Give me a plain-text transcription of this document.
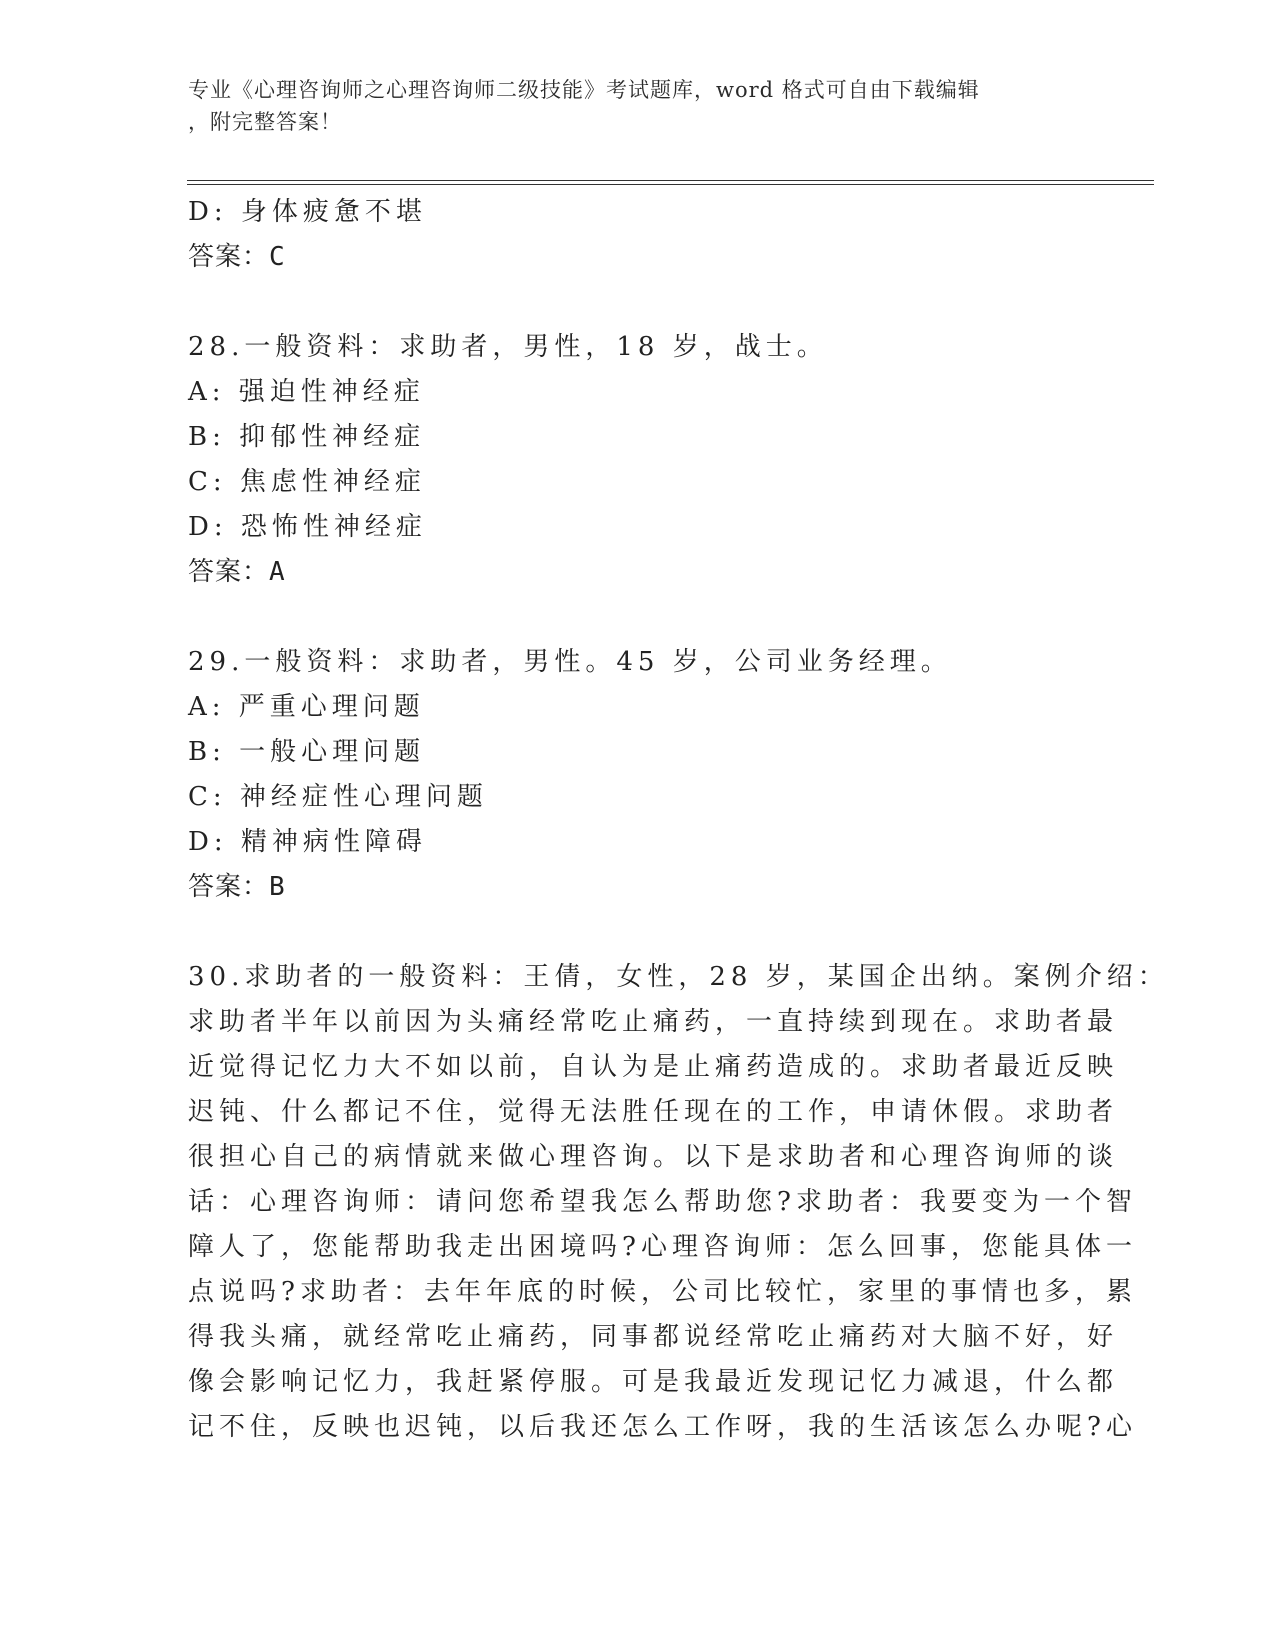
专业《心理咨询师之心理咨询师二级技能》考试题库，word 格式可自由下载编辑
，附完整答案！
D: 身体疲惫不堪
答案：C
28.一般资料：求助者，男性，18 岁，战士。
A: 强迫性神经症
B: 抑郁性神经症
C: 焦虑性神经症
D: 恐怖性神经症
答案：A
29.一般资料：求助者，男性。45 岁，公司业务经理。
A: 严重心理问题
B: 一般心理问题
C: 神经症性心理问题
D: 精神病性障碍
答案：B
30.求助者的一般资料：王倩，女性，28 岁，某国企出纳。案例介绍：
求助者半年以前因为头痛经常吃止痛药，一直持续到现在。求助者最
近觉得记忆力大不如以前，自认为是止痛药造成的。求助者最近反映
迟钝、什么都记不住，觉得无法胜任现在的工作，申请休假。求助者
很担心自己的病情就来做心理咨询。以下是求助者和心理咨询师的谈
话：心理咨询师：请问您希望我怎么帮助您?求助者：我要变为一个智
障人了，您能帮助我走出困境吗?心理咨询师：怎么回事，您能具体一
点说吗?求助者：去年年底的时候，公司比较忙，家里的事情也多，累
得我头痛，就经常吃止痛药，同事都说经常吃止痛药对大脑不好，好
像会影响记忆力，我赶紧停服。可是我最近发现记忆力减退，什么都
记不住，反映也迟钝，以后我还怎么工作呀，我的生活该怎么办呢?心
